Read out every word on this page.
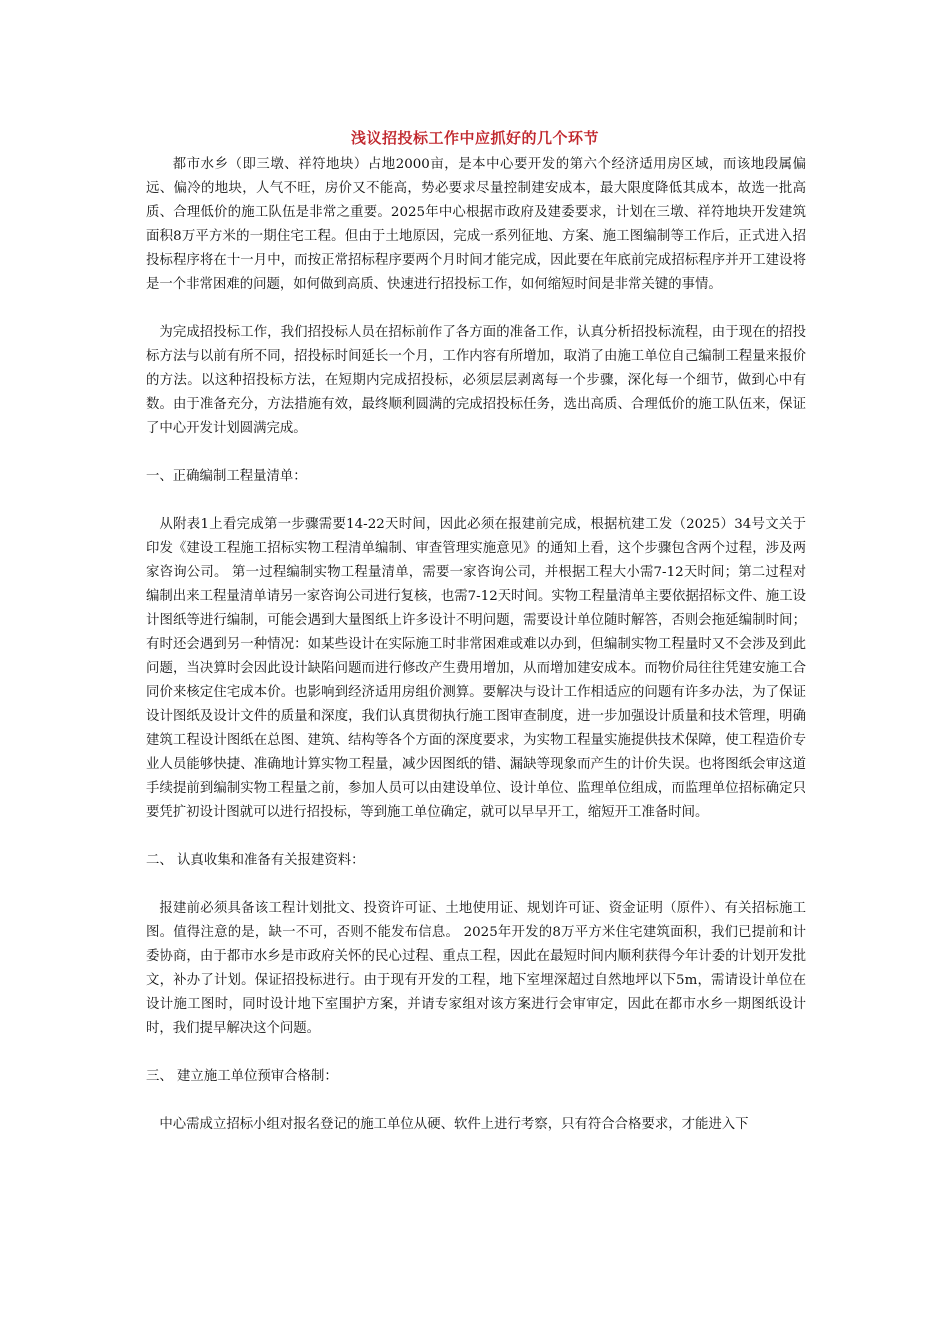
浅议招投标工作中应抓好的几个环节

都市水乡（即三墩、祥符地块）占地2000亩，是本中心要开发的第六个经济适用房区域，而该地段属偏远、偏冷的地块，人气不旺，房价又不能高，势必要求尽量控制建安成本，最大限度降低其成本，故选一批高质、合理低价的施工队伍是非常之重要。2025年中心根据市政府及建委要求，计划在三墩、祥符地块开发建筑面积8万平方米的一期住宅工程。但由于土地原因，完成一系列征地、方案、施工图编制等工作后，正式进入招投标程序将在十一月中，而按正常招标程序要两个月时间才能完成，因此要在年底前完成招标程序并开工建设将是一个非常困难的问题，如何做到高质、快速进行招投标工作，如何缩短时间是非常关键的事情。

为完成招投标工作，我们招投标人员在招标前作了各方面的准备工作，认真分析招投标流程，由于现在的招投标方法与以前有所不同，招投标时间延长一个月，工作内容有所增加，取消了由施工单位自己编制工程量来报价的方法。以这种招投标方法，在短期内完成招投标，必须层层剥离每一个步骤，深化每一个细节，做到心中有数。由于准备充分，方法措施有效，最终顺利圆满的完成招投标任务，选出高质、合理低价的施工队伍来，保证了中心开发计划圆满完成。

一、正确编制工程量清单：

从附表1上看完成第一步骤需要14-22天时间，因此必须在报建前完成，根据杭建工发（2025）34号文关于印发《建设工程施工招标实物工程清单编制、审查管理实施意见》的通知上看，这个步骤包含两个过程，涉及两家咨询公司。 第一过程编制实物工程量清单，需要一家咨询公司，并根据工程大小需7-12天时间；第二过程对编制出来工程量清单请另一家咨询公司进行复核，也需7-12天时间。实物工程量清单主要依据招标文件、施工设计图纸等进行编制，可能会遇到大量图纸上许多设计不明问题，需要设计单位随时解答，否则会拖延编制时间；有时还会遇到另一种情况：如某些设计在实际施工时非常困难或难以办到，但编制实物工程量时又不会涉及到此问题，当决算时会因此设计缺陷问题而进行修改产生费用增加，从而增加建安成本。而物价局往往凭建安施工合同价来核定住宅成本价。也影响到经济适用房组价测算。要解决与设计工作相适应的问题有许多办法，为了保证设计图纸及设计文件的质量和深度，我们认真贯彻执行施工图审查制度，进一步加强设计质量和技术管理，明确建筑工程设计图纸在总图、建筑、结构等各个方面的深度要求，为实物工程量实施提供技术保障，使工程造价专业人员能够快捷、准确地计算实物工程量，减少因图纸的错、漏缺等现象而产生的计价失误。也将图纸会审这道手续提前到编制实物工程量之前，参加人员可以由建设单位、设计单位、监理单位组成，而监理单位招标确定只要凭扩初设计图就可以进行招投标，等到施工单位确定，就可以早早开工，缩短开工准备时间。

二、 认真收集和准备有关报建资料：

报建前必须具备该工程计划批文、投资许可证、土地使用证、规划许可证、资金证明（原件）、有关招标施工图。值得注意的是，缺一不可，否则不能发布信息。 2025年开发的8万平方米住宅建筑面积，我们已提前和计委协商，由于都市水乡是市政府关怀的民心过程、重点工程，因此在最短时间内顺利获得今年计委的计划开发批文，补办了计划。保证招投标进行。由于现有开发的工程，地下室埋深超过自然地坪以下5m，需请设计单位在设计施工图时，同时设计地下室围护方案，并请专家组对该方案进行会审审定，因此在都市水乡一期图纸设计时，我们提早解决这个问题。

三、 建立施工单位预审合格制：

中心需成立招标小组对报名登记的施工单位从硬、软件上进行考察，只有符合合格要求，才能进入下
